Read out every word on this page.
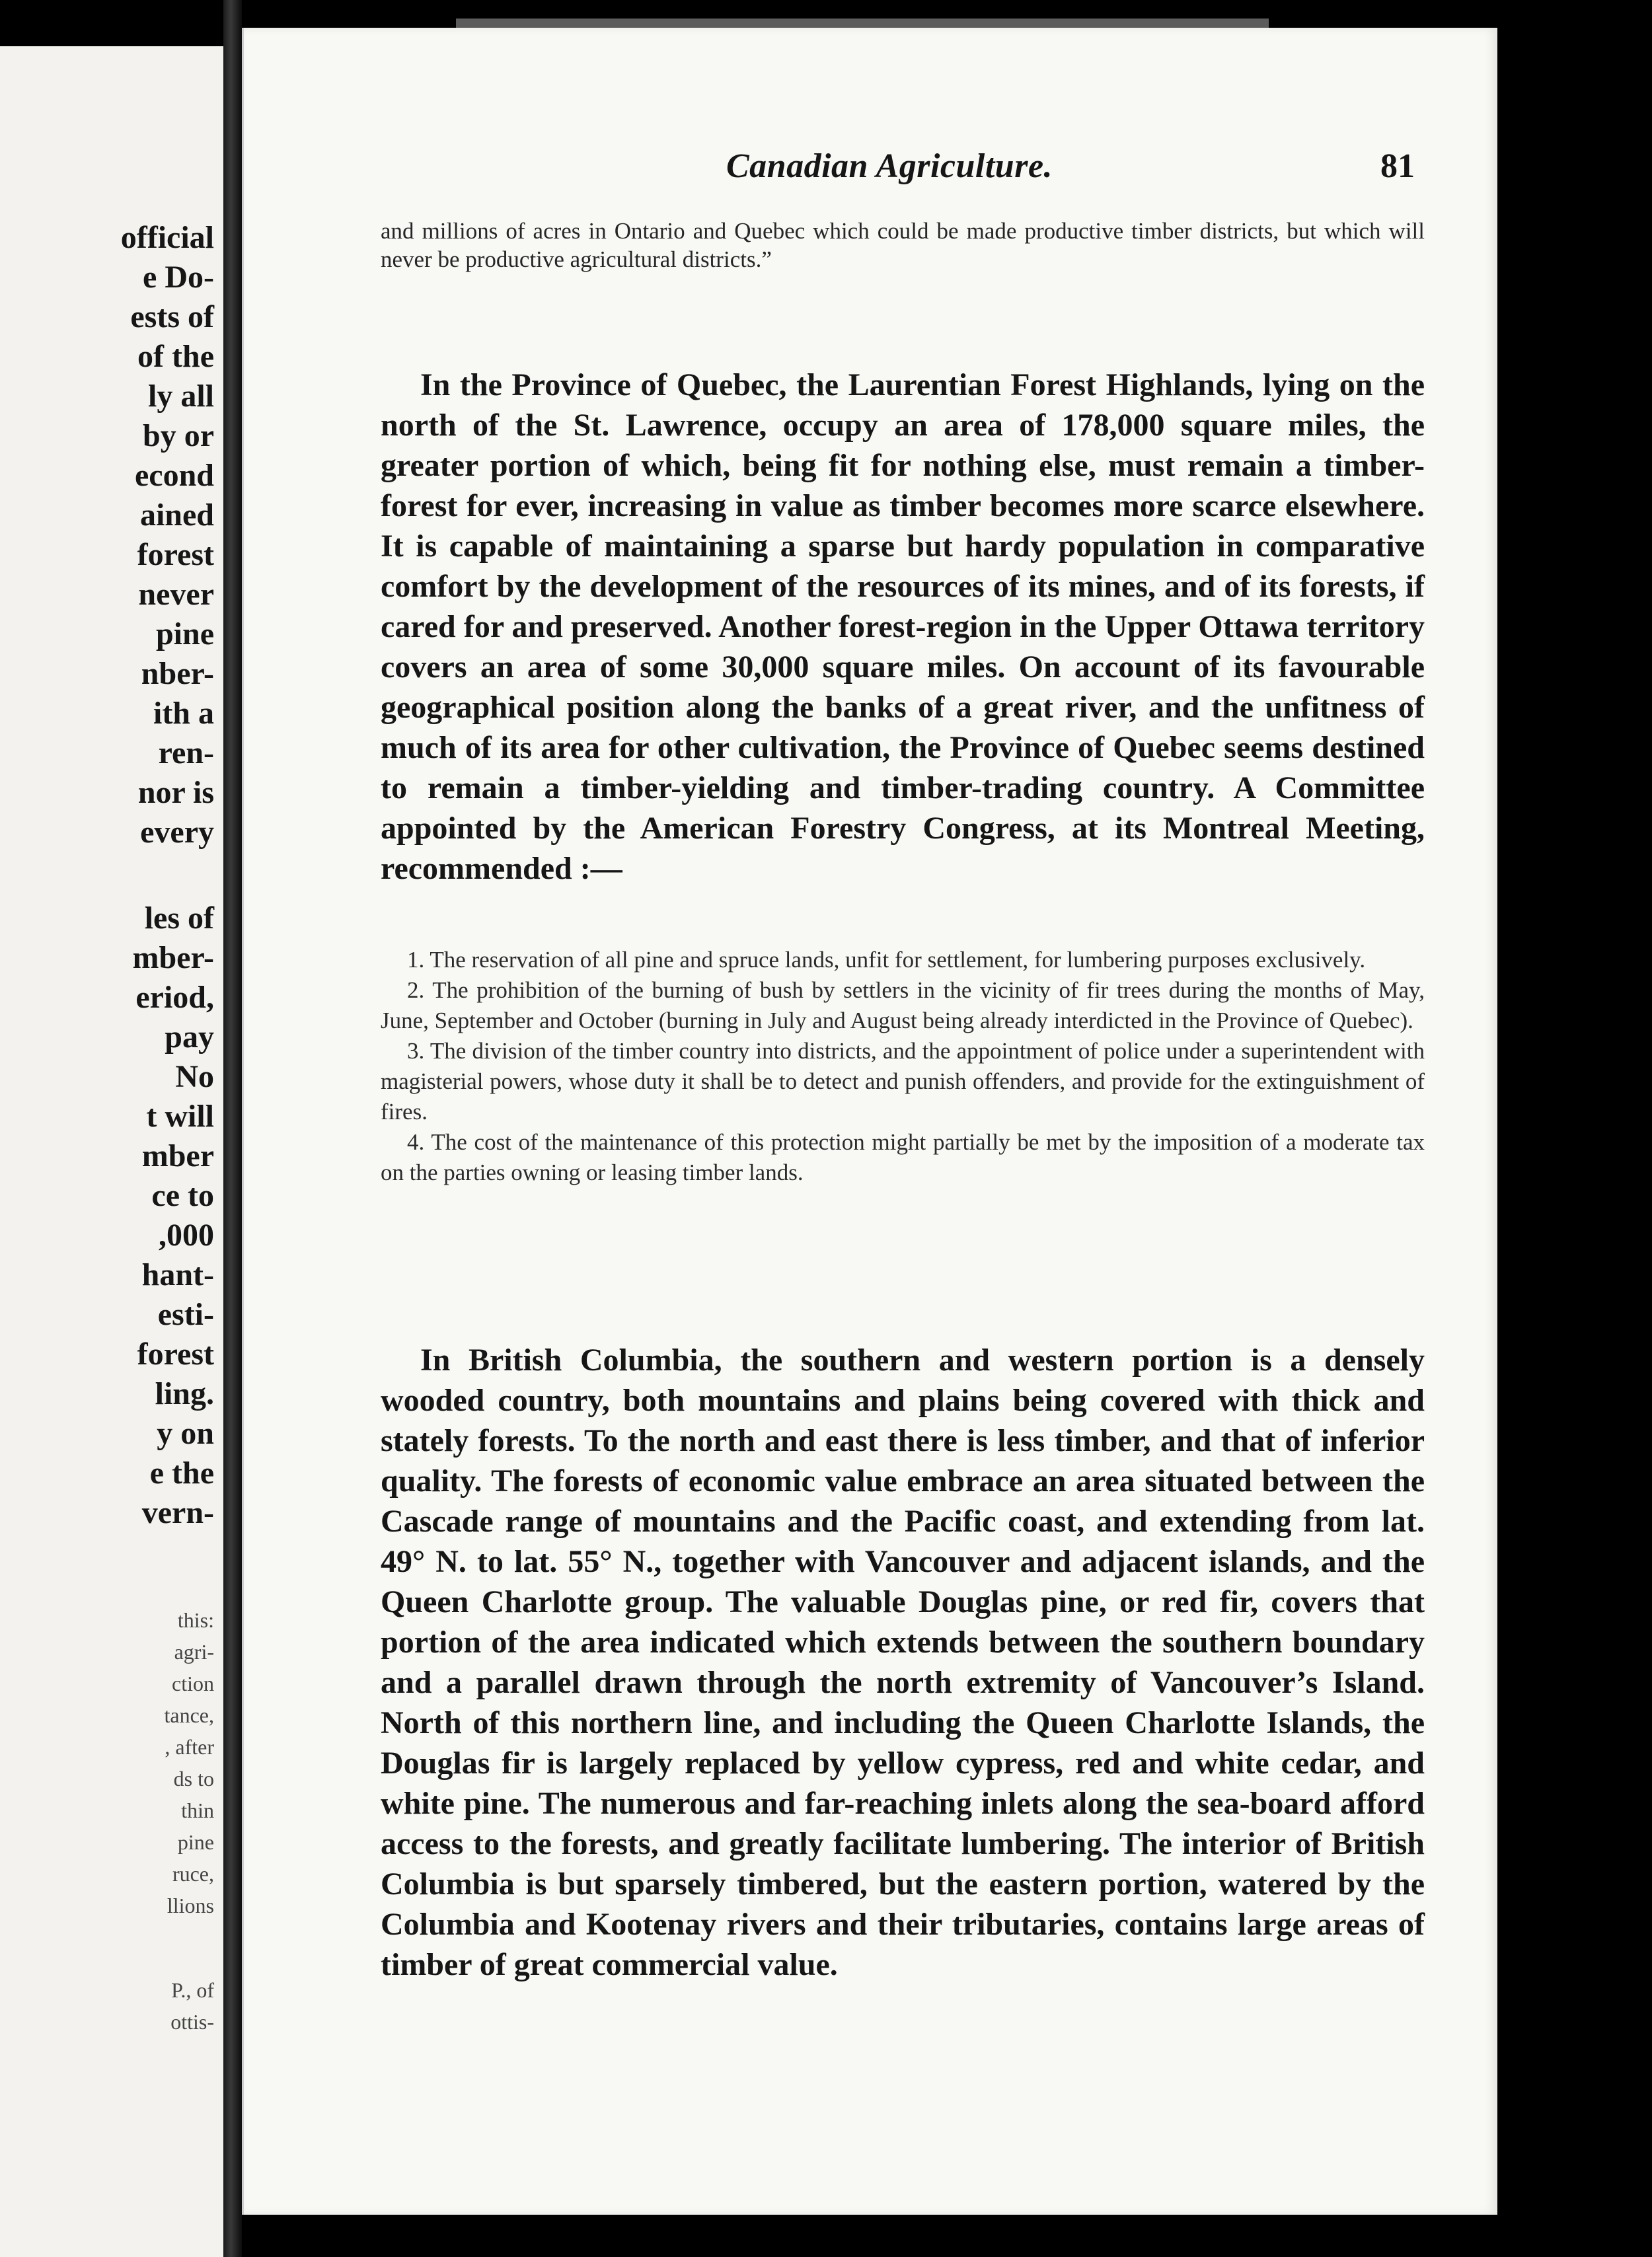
official
e Do-
ests of
of the
ly all
by or
econd
ained
forest
never
pine
nber-
ith a
ren-
nor is
every
les of
mber-
eriod,
pay
No
t will
mber
ce to
,000
hant-
esti-
forest
ling.
y on
e the
vern-
this:
agri-
ction
tance,
, after
ds to
thin
pine
ruce,
llions
P., of
ottis-
Canadian Agriculture.	81
and millions of acres in Ontario and Quebec which could be made productive timber districts, but which will never be productive agricultural districts.”

In the Province of Quebec, the Laurentian Forest Highlands, lying on the north of the St. Lawrence, occupy an area of 178,000 square miles, the greater portion of which, being fit for nothing else, must remain a timber-forest for ever, increasing in value as timber becomes more scarce elsewhere. It is capable of maintaining a sparse but hardy population in comparative comfort by the development of the resources of its mines, and of its forests, if cared for and preserved. Another forest-region in the Upper Ottawa territory covers an area of some 30,000 square miles. On account of its favourable geographical position along the banks of a great river, and the unfitness of much of its area for other cultivation, the Province of Quebec seems destined to remain a timber-yielding and timber-trading country. A Committee appointed by the American Forestry Congress, at its Montreal Meeting, recommended :—

1. The reservation of all pine and spruce lands, unfit for settlement, for lumbering purposes exclusively.
2. The prohibition of the burning of bush by settlers in the vicinity of fir trees during the months of May, June, September and October (burning in July and August being already interdicted in the Province of Quebec).
3. The division of the timber country into districts, and the appointment of police under a superintendent with magisterial powers, whose duty it shall be to detect and punish offenders, and provide for the extinguishment of fires.
4. The cost of the maintenance of this protection might partially be met by the imposition of a moderate tax on the parties owning or leasing timber lands.

In British Columbia, the southern and western portion is a densely wooded country, both mountains and plains being covered with thick and stately forests. To the north and east there is less timber, and that of inferior quality. The forests of economic value embrace an area situated between the Cascade range of mountains and the Pacific coast, and extending from lat. 49° N. to lat. 55° N., together with Vancouver and adjacent islands, and the Queen Charlotte group. The valuable Douglas pine, or red fir, covers that portion of the area indicated which extends between the southern boundary and a parallel drawn through the north extremity of Vancouver’s Island. North of this northern line, and including the Queen Charlotte Islands, the Douglas fir is largely replaced by yellow cypress, red and white cedar, and white pine. The numerous and far-reaching inlets along the sea-board afford access to the forests, and greatly facilitate lumbering. The interior of British Columbia is but sparsely timbered, but the eastern portion, watered by the Columbia and Kootenay rivers and their tributaries, contains large areas of timber of great commercial value.
